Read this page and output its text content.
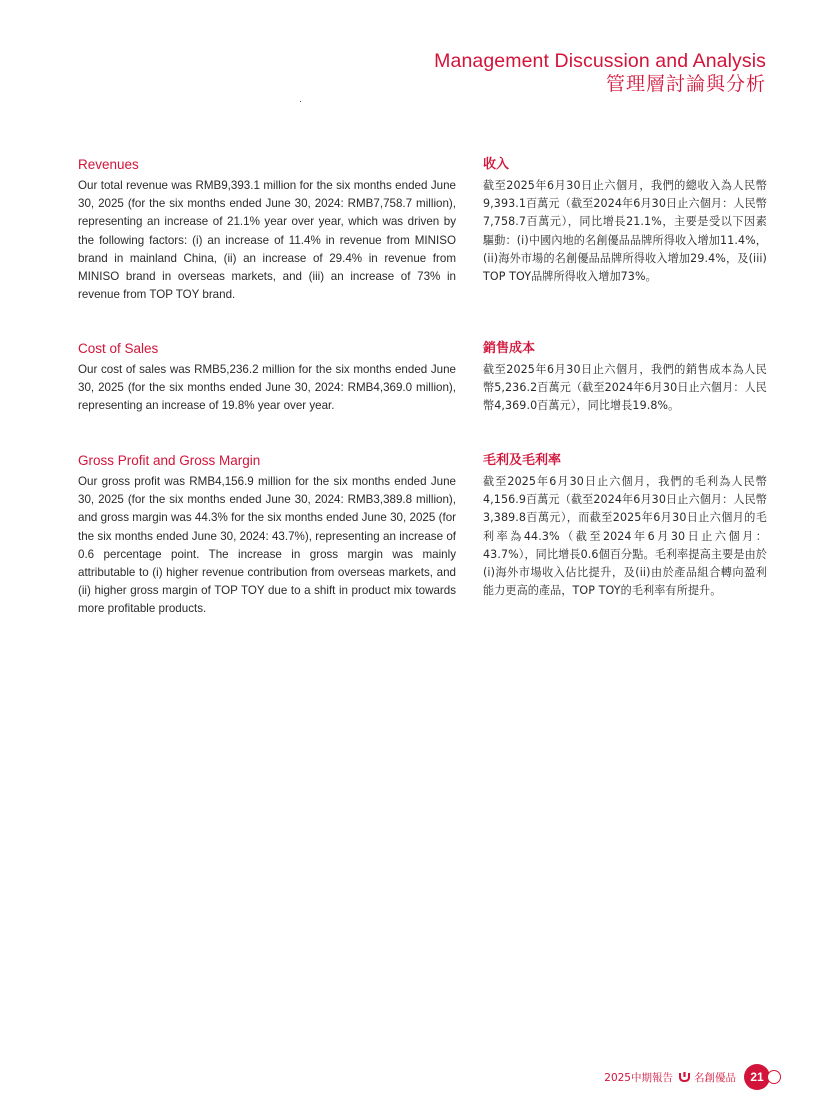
Management Discussion and Analysis
管理層討論與分析
Revenues

Our total revenue was RMB9,393.1 million for the six months ended June 30, 2025 (for the six months ended June 30, 2024: RMB7,758.7 million), representing an increase of 21.1% year over year, which was driven by the following factors: (i) an increase of 11.4% in revenue from MINISO brand in mainland China, (ii) an increase of 29.4% in revenue from MINISO brand in overseas markets, and (iii) an increase of 73% in revenue from TOP TOY brand.

Cost of Sales

Our cost of sales was RMB5,236.2 million for the six months ended June 30, 2025 (for the six months ended June 30, 2024: RMB4,369.0 million), representing an increase of 19.8% year over year.

Gross Profit and Gross Margin

Our gross profit was RMB4,156.9 million for the six months ended June 30, 2025 (for the six months ended June 30, 2024: RMB3,389.8 million), and gross margin was 44.3% for the six months ended June 30, 2025 (for the six months ended June 30, 2024: 43.7%), representing an increase of 0.6 percentage point. The increase in gross margin was mainly attributable to (i) higher revenue contribution from overseas markets, and (ii) higher gross margin of TOP TOY due to a shift in product mix towards more profitable products.

收入

截至2025年6月30日止六個月，我們的總收入為人民幣9,393.1百萬元（截至2024年6月30日止六個月：人民幣7,758.7百萬元），同比增長21.1%，主要是受以下因素驅動：(i)中國內地的名創優品品牌所得收入增加11.4%，(ii)海外市場的名創優品品牌所得收入增加29.4%，及(iii) TOP TOY品牌所得收入增加73%。

銷售成本

截至2025年6月30日止六個月，我們的銷售成本為人民幣5,236.2百萬元（截至2024年6月30日止六個月：人民幣4,369.0百萬元），同比增長19.8%。

毛利及毛利率

截至2025年6月30日止六個月，我們的毛利為人民幣4,156.9百萬元（截至2024年6月30日止六個月：人民幣3,389.8百萬元），而截至2025年6月30日止六個月的毛利率為44.3%（截至2024年6月30日止六個月：43.7%），同比增長0.6個百分點。毛利率提高主要是由於(i)海外市場收入佔比提升，及(ii)由於產品組合轉向盈利能力更高的產品，TOP TOY的毛利率有所提升。

2025中期報告 名創優品	21
